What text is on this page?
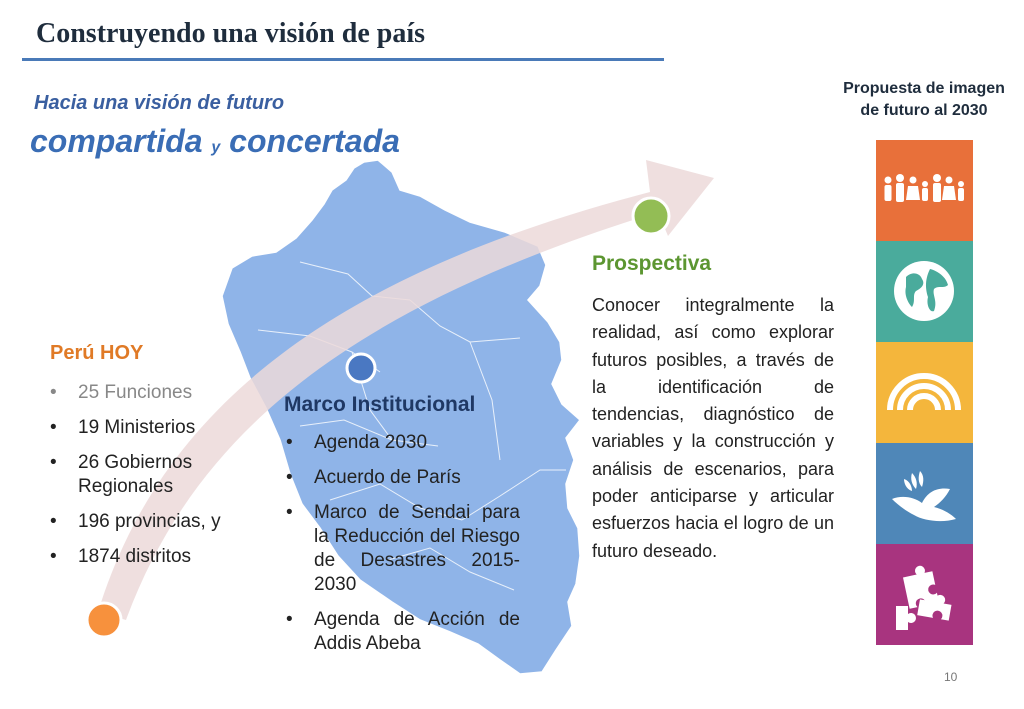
Construyendo una visión de país
Propuesta de imagen
de futuro al 2030
Hacia una visión de futuro
compartida y concertada
Perú HOY
• 25 Funciones
• 19 Ministerios
• 26 Gobiernos Regionales
• 196 provincias, y
• 1874 distritos
Marco Institucional
• Agenda 2030
• Acuerdo de París
• Marco de Sendai para la Reducción del Riesgo de Desastres 2015-2030
• Agenda de Acción de Addis Abeba
Prospectiva
Conocer integralmente la realidad, así como explorar futuros posibles, a través de la identificación de tendencias, diagnóstico de variables y la construcción y análisis de escenarios, para poder anticiparse y articular esfuerzos hacia el logro de un futuro deseado.
10
